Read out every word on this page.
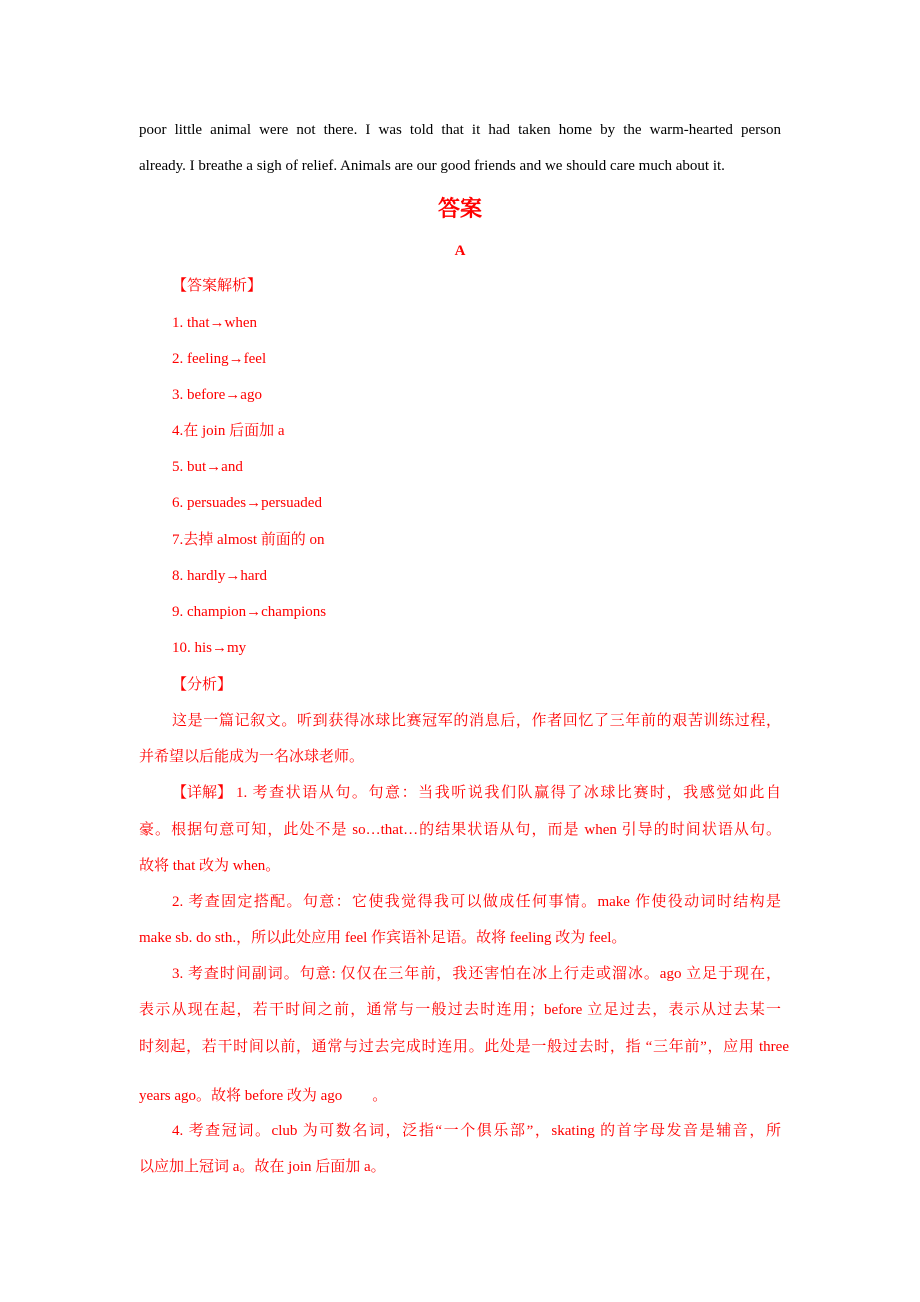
poor little animal were not there. I was told that it had taken home by the warm-hearted person
already. I breathe a sigh of relief. Animals are our good friends and we should care much about it.
答案
A
【答案解析】
1. that→when
2. feeling→feel
3. before→ago
4.在 join 后面加 a
5. but→and
6. persuades→persuaded
7.去掉 almost 前面的 on
8. hardly→hard
9. champion→champions
10. his→my
【分析】
这是一篇记叙文。听到获得冰球比赛冠军的消息后，作者回忆了三年前的艰苦训练过程，
并希望以后能成为一名冰球老师。
【详解】 1. 考查状语从句。句意：当我听说我们队赢得了冰球比赛时，我感觉如此自
豪。根据句意可知，此处不是 so…that…的结果状语从句，而是 when 引导的时间状语从句。
故将 that 改为 when。
2. 考查固定搭配。句意：它使我觉得我可以做成任何事情。make 作使役动词时结构是
make sb. do sth.，所以此处应用 feel 作宾语补足语。故将 feeling 改为 feel。
3. 考查时间副词。句意: 仅仅在三年前，我还害怕在冰上行走或溜冰。ago 立足于现在，
表示从现在起，若干时间之前，通常与一般过去时连用；before 立足过去，表示从过去某一
时刻起，若干时间以前，通常与过去完成时连用。此处是一般过去时，指 “三年前”，应用 three
years ago。故将 before 改为 ago　　。
4. 考查冠词。club 为可数名词，泛指“一个俱乐部”，skating 的首字母发音是辅音，所
以应加上冠词 a。故在 join 后面加 a。
